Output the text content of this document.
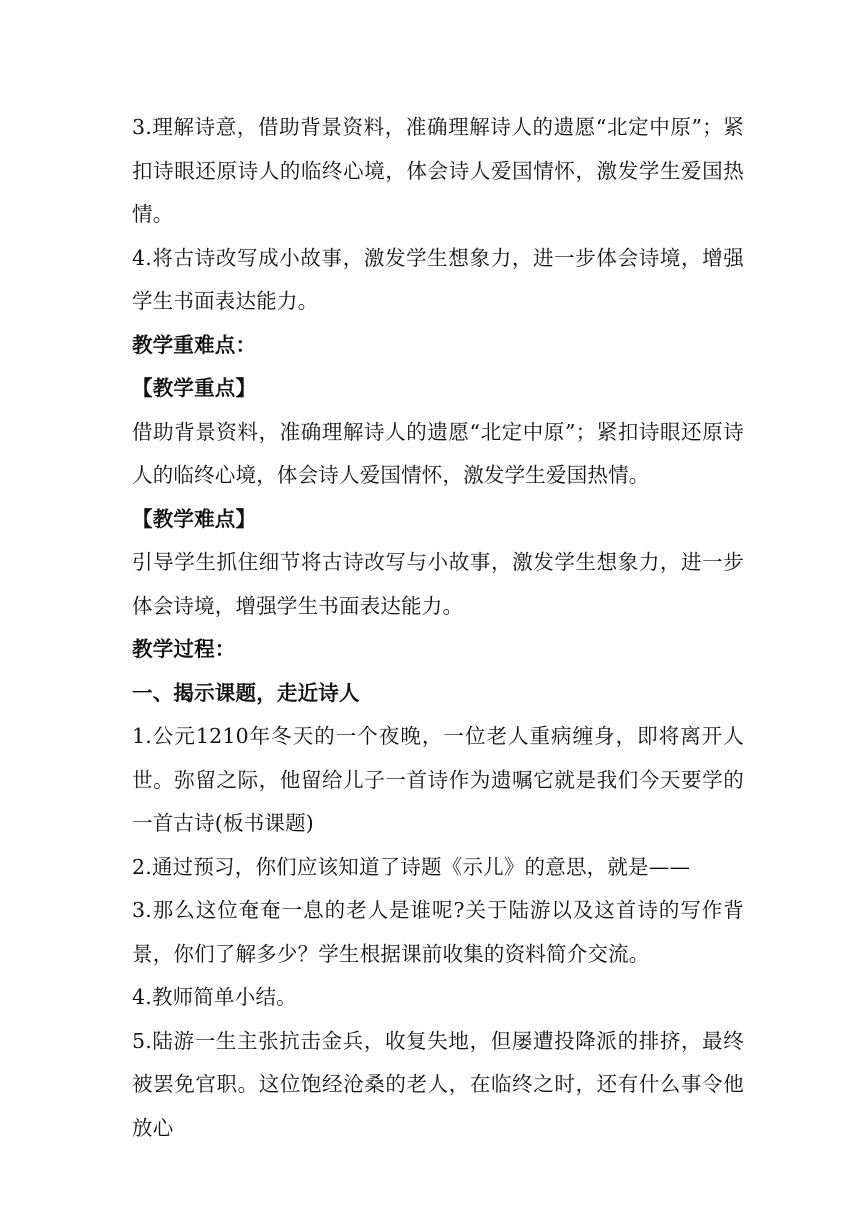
3.理解诗意，借助背景资料，准确理解诗人的遗愿“北定中原”；紧扣诗眼还原诗人的临终心境，体会诗人爱国情怀，激发学生爱国热情。

4.将古诗改写成小故事，激发学生想象力，进一步体会诗境，增强学生书面表达能力。

教学重难点：

【教学重点】

借助背景资料，准确理解诗人的遗愿“北定中原”；紧扣诗眼还原诗人的临终心境，体会诗人爱国情怀，激发学生爱国热情。

【教学难点】

引导学生抓住细节将古诗改写与小故事，激发学生想象力，进一步体会诗境，增强学生书面表达能力。

教学过程：

一、揭示课题，走近诗人

1.公元1210年冬天的一个夜晚，一位老人重病缠身，即将离开人世。弥留之际，他留给儿子一首诗作为遗嘱它就是我们今天要学的一首古诗(板书课题)

2.通过预习，你们应该知道了诗题《示儿》的意思，就是——

3.那么这位奄奄一息的老人是谁呢?关于陆游以及这首诗的写作背景，你们了解多少？学生根据课前收集的资料简介交流。

4.教师简单小结。

5.陆游一生主张抗击金兵，收复失地，但屡遭投降派的排挤，最终被罢免官职。这位饱经沧桑的老人，在临终之时，还有什么事令他放心
